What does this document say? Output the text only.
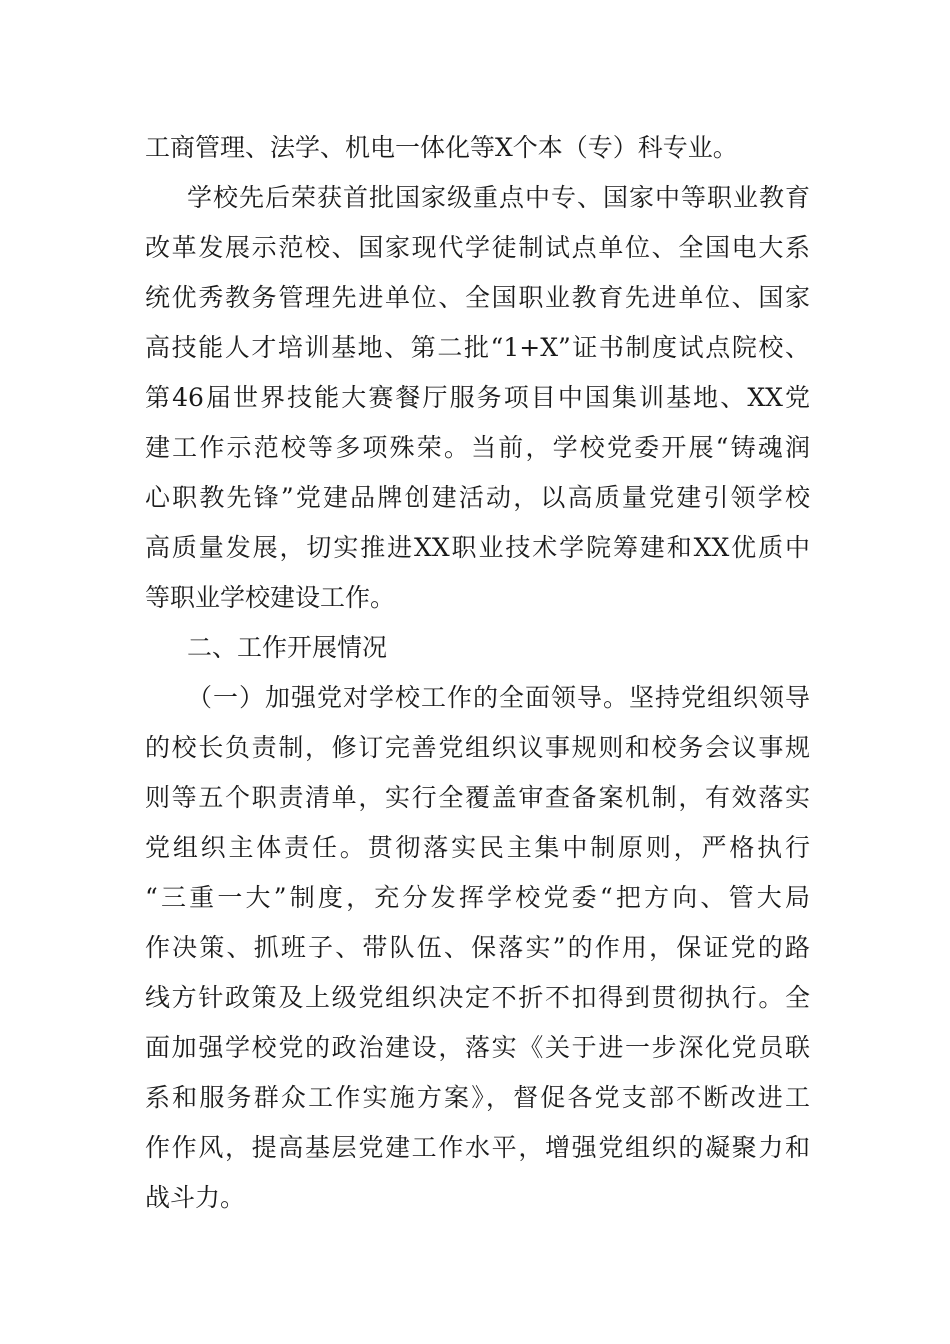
工商管理、法学、机电一体化等X个本（专）科专业。
学校先后荣获首批国家级重点中专、国家中等职业教育
改革发展示范校、国家现代学徒制试点单位、全国电大系
统优秀教务管理先进单位、全国职业教育先进单位、国家
高技能人才培训基地、第二批“1+X”证书制度试点院校、
第46届世界技能大赛餐厅服务项目中国集训基地、XX党
建工作示范校等多项殊荣。当前，学校党委开展“铸魂润
心职教先锋”党建品牌创建活动，以高质量党建引领学校
高质量发展，切实推进XX职业技术学院筹建和XX优质中
等职业学校建设工作。
二、工作开展情况
（一）加强党对学校工作的全面领导。坚持党组织领导
的校长负责制，修订完善党组织议事规则和校务会议事规
则等五个职责清单，实行全覆盖审查备案机制，有效落实
党组织主体责任。贯彻落实民主集中制原则，严格执行
“三重一大”制度，充分发挥学校党委“把方向、管大局
作决策、抓班子、带队伍、保落实”的作用，保证党的路
线方针政策及上级党组织决定不折不扣得到贯彻执行。全
面加强学校党的政治建设，落实《关于进一步深化党员联
系和服务群众工作实施方案》，督促各党支部不断改进工
作作风，提高基层党建工作水平，增强党组织的凝聚力和
战斗力。
